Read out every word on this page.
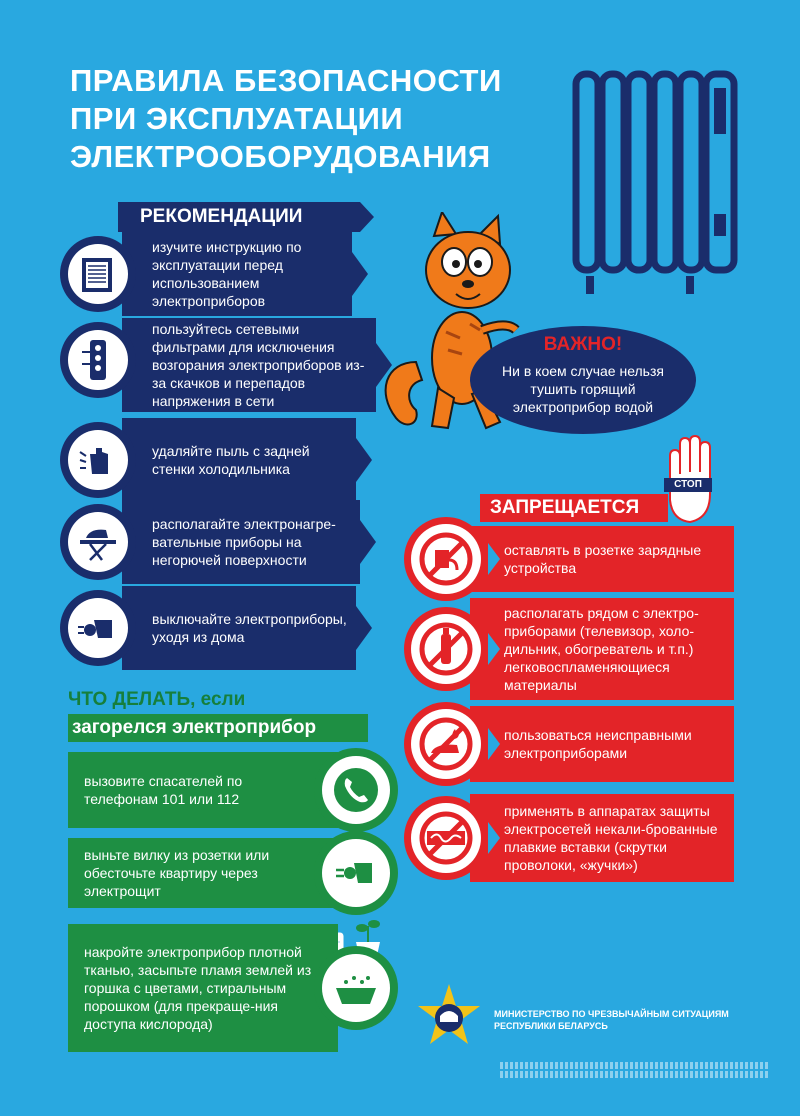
ПРАВИЛА БЕЗОПАСНОСТИ
ПРИ ЭКСПЛУАТАЦИИ
ЭЛЕКТРООБОРУДОВАНИЯ
ВАЖНО!
Ни в коем случае нельзя тушить горящий электроприбор водой
РЕКОМЕНДАЦИИ
изучите инструкцию по эксплуатации перед использованием электроприборов
пользуйтесь сетевыми фильтрами для исключения возгорания электроприборов из-за скачков и перепадов напряжения в сети
удаляйте пыль с задней стенки холодильника
располагайте электронагре-вательные приборы на негорючей поверхности
выключайте электроприборы, уходя из дома
ЧТО ДЕЛАТЬ, если
загорелся электроприбор
вызовите спасателей по телефонам 101 или 112
выньте вилку из розетки или обесточьте квартиру через электрощит
накройте электроприбор плотной тканью, засыпьте пламя землей из горшка с цветами, стиральным порошком (для прекраще-ния доступа кислорода)
СТОП
ЗАПРЕЩАЕТСЯ
оставлять в розетке зарядные устройства
располагать рядом с электро-приборами (телевизор, холо-дильник, обогреватель и т.п.) легковоспламеняющиеся материалы
пользоваться неисправными электроприборами
применять в аппаратах защиты электросетей некали-брованные плавкие вставки (скрутки проволоки, «жучки»)
МИНИСТЕРСТВО ПО ЧРЕЗВЫЧАЙНЫМ СИТУАЦИЯМ
РЕСПУБЛИКИ БЕЛАРУСЬ
